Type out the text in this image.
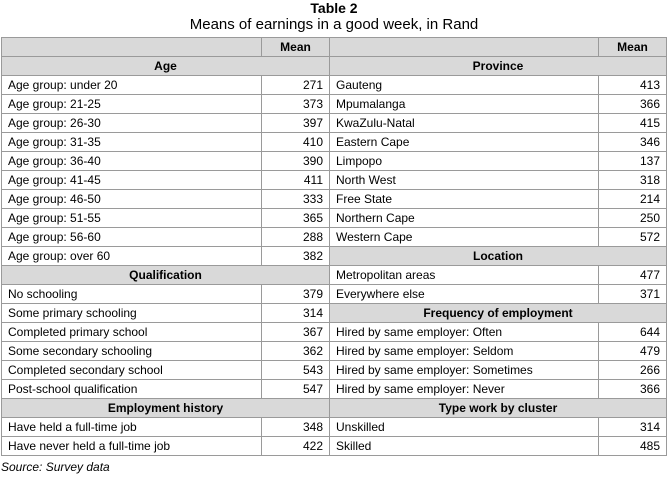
Table 2
Means of earnings in a good week, in Rand
	Mean		Mean
Age		Province	
Age group: under 20	271	Gauteng	413
Age group: 21-25	373	Mpumalanga	366
Age group: 26-30	397	KwaZulu-Natal	415
Age group: 31-35	410	Eastern Cape	346
Age group: 36-40	390	Limpopo	137
Age group: 41-45	411	North West	318
Age group: 46-50	333	Free State	214
Age group: 51-55	365	Northern Cape	250
Age group: 56-60	288	Western Cape	572
Age group: over 60	382	Location	
Qualification		Metropolitan areas	477
No schooling	379	Everywhere else	371
Some primary schooling	314	Frequency of employment	
Completed primary school	367	Hired by same employer: Often	644
Some secondary schooling	362	Hired by same employer: Seldom	479
Completed secondary school	543	Hired by same employer: Sometimes	266
Post-school qualification	547	Hired by same employer: Never	366
Employment history		Type work by cluster	
Have held a full-time job	348	Unskilled	314
Have never held a full-time job	422	Skilled	485
Source: Survey data
